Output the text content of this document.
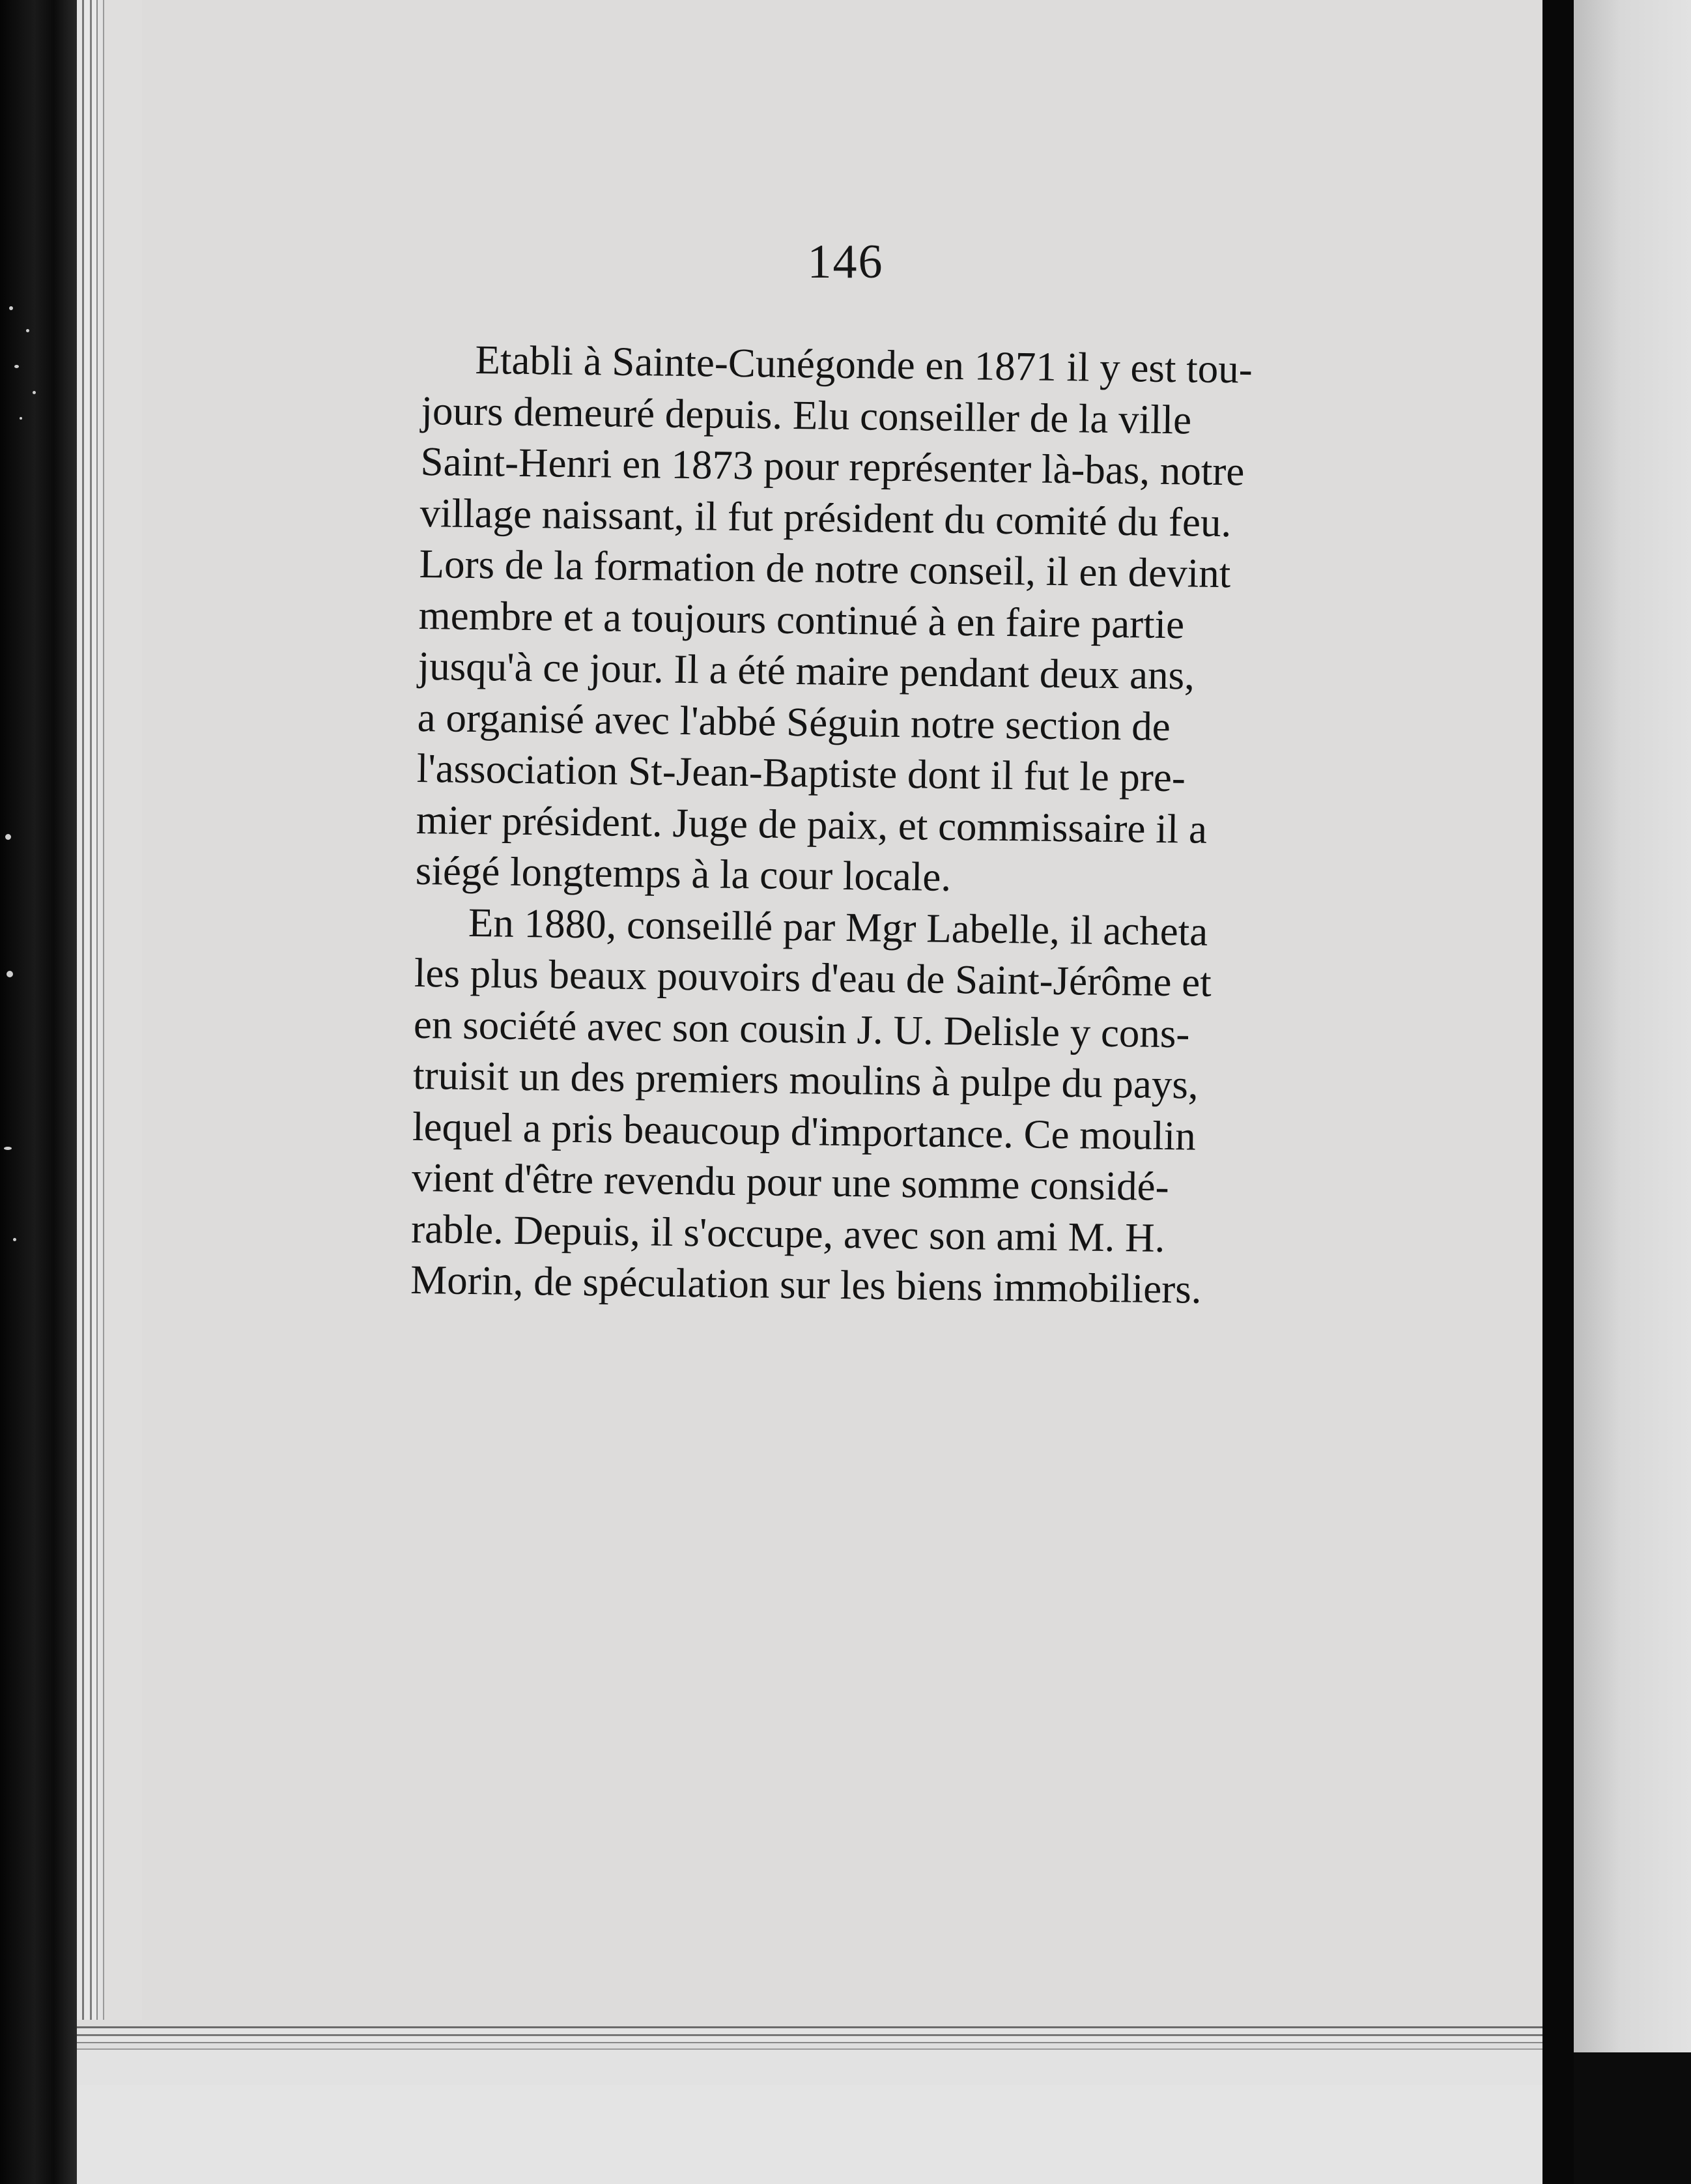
146
Etabli à Sainte-Cunégonde en 1871 il y est tou-
jours demeuré depuis. Elu conseiller de la ville
Saint-Henri en 1873 pour représenter là-bas, notre
village naissant, il fut président du comité du feu.
Lors de la formation de notre conseil, il en devint
membre et a toujours continué à en faire partie
jusqu'à ce jour. Il a été maire pendant deux ans,
a organisé avec l'abbé Séguin notre section de
l'association St-Jean-Baptiste dont il fut le pre-
mier président. Juge de paix, et commissaire il a
siégé longtemps à la cour locale.
En 1880, conseillé par Mgr Labelle, il acheta
les plus beaux pouvoirs d'eau de Saint-Jérôme et
en société avec son cousin J. U. Delisle y cons-
truisit un des premiers moulins à pulpe du pays,
lequel a pris beaucoup d'importance. Ce moulin
vient d'être revendu pour une somme considé-
rable. Depuis, il s'occupe, avec son ami M. H.
Morin, de spéculation sur les biens immobiliers.
